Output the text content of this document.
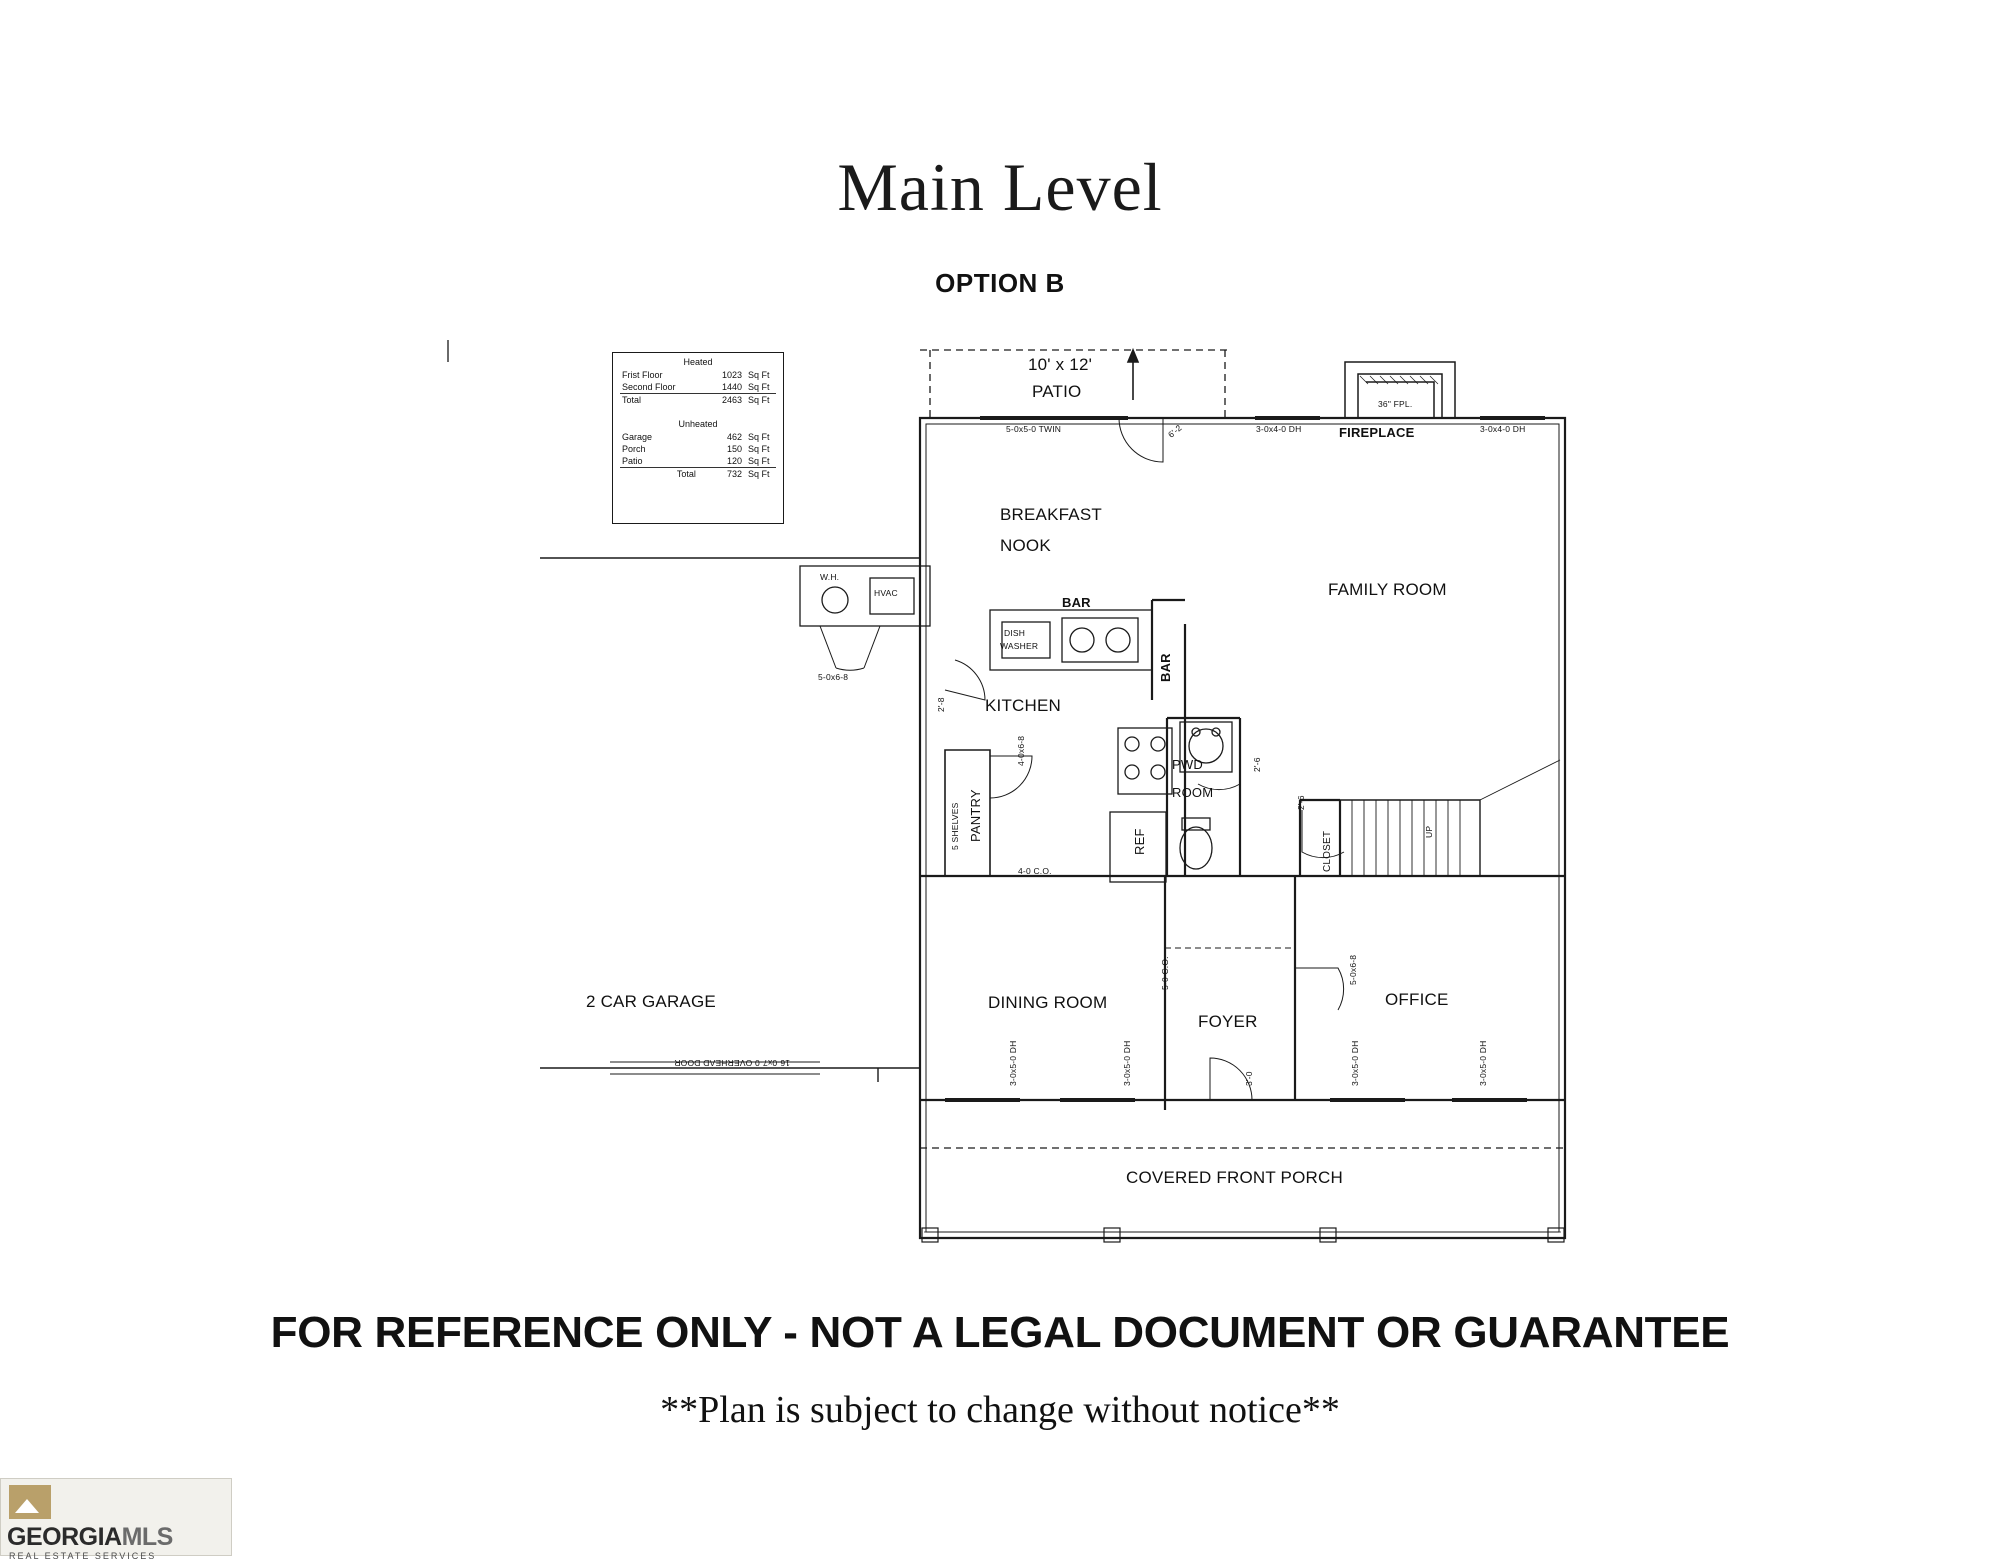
Main Level
OPTION B
Heated
Frist Floor	1023	Sq Ft
Second Floor	1440	Sq Ft
Total	2463	Sq Ft

Unheated
Garage	462	Sq Ft
Porch	150	Sq Ft
Patio	120	Sq Ft
Total	732	Sq Ft
10' x 12'
PATIO
BREAKFAST
NOOK
FAMILY ROOM
FIREPLACE
36" FPL.
BAR
BAR
KITCHEN
PANTRY
5 SHELVES
PWD
ROOM
REF
DISH
WASHER
CLOSET	UP
DINING ROOM
FOYER
OFFICE
COVERED FRONT PORCH
2 CAR GARAGE
W.H.
HVAC
5-0x5-0 TWIN	6'-2	3-0x4-0 DH	3-0x4-0 DH
5-0x6-8
2'-8
4-0x6-8
4-0 C.O.
2'-6
2'-6
5-0 C.O.	5-0x6-8
3'-0
3-0x5-0 DH	3-0x5-0 DH	3-0x5-0 DH	3-0x5-0 DH
16-0x7-0 OVERHEAD DOOR
FOR REFERENCE ONLY - NOT A LEGAL DOCUMENT OR GUARANTEE
**Plan is subject to change without notice**
GEORGIAMLS
REAL ESTATE SERVICES
